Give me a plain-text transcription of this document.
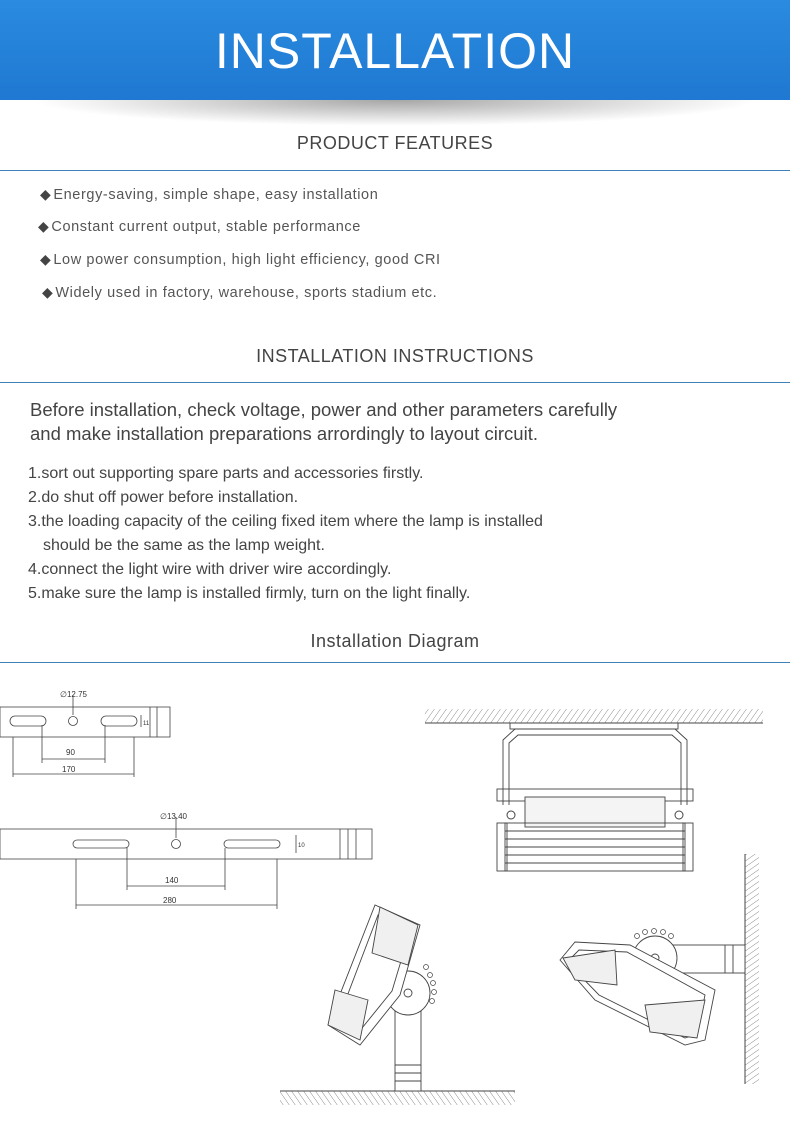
INSTALLATION
PRODUCT FEATURES
◆ Energy-saving, simple shape, easy installation
◆ Constant current output, stable performance
◆ Low power consumption, high light efficiency, good CRI
◆ Widely used in factory, warehouse, sports stadium etc.
INSTALLATION INSTRUCTIONS
Before installation, check voltage, power and other parameters carefully
and make installation preparations arrordingly to layout circuit.
1.sort out supporting spare parts and accessories firstly.
2.do shut off power before installation.
3.the loading capacity of the ceiling fixed item where the lamp is installed
should be the same as the lamp weight.
4.connect the light wire with driver wire accordingly.
5.make sure the lamp is installed firmly, turn on the light finally.
Installation Diagram
∅12.75
90
170
11
∅13.40
140
280
10
